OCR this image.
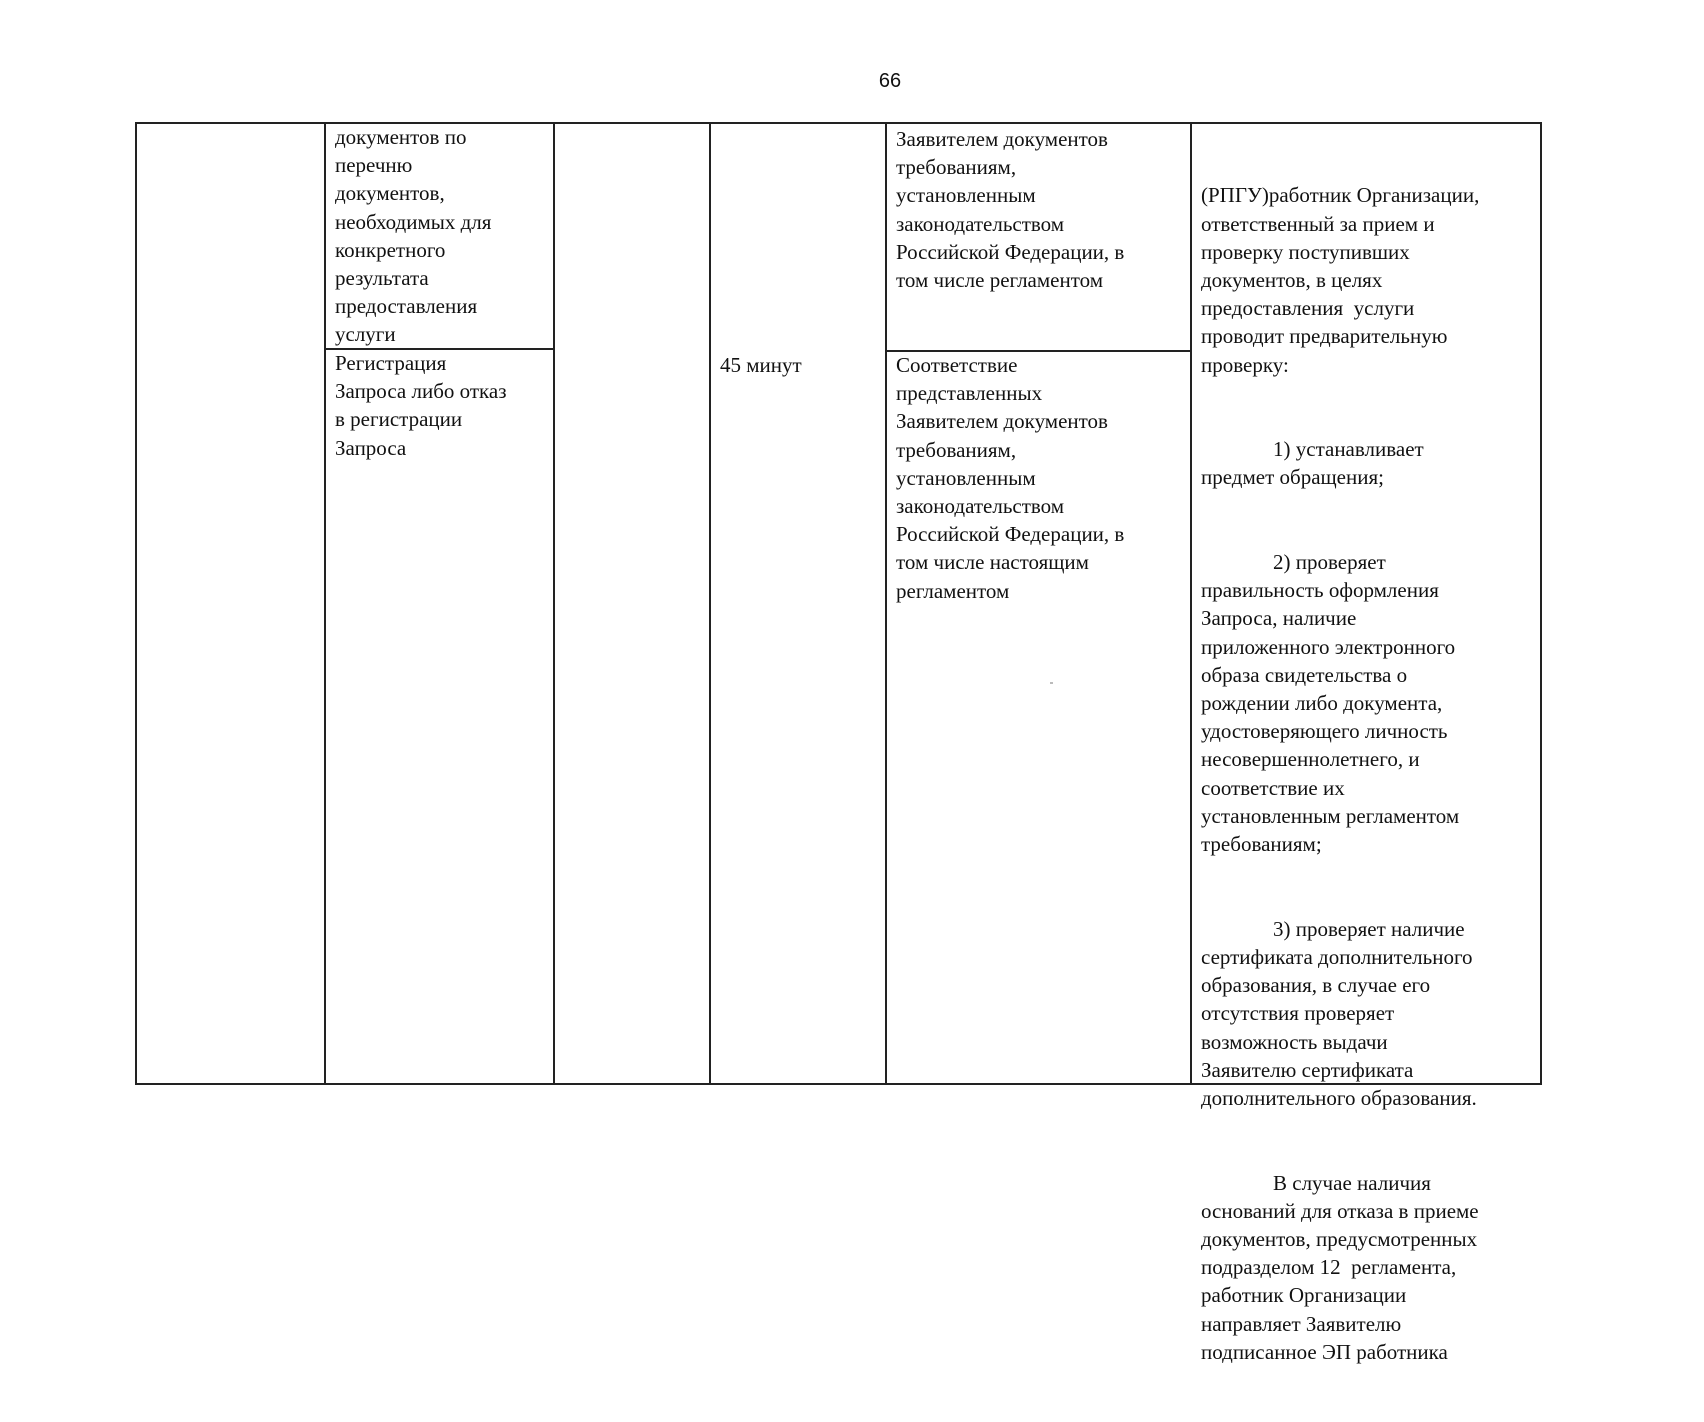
66

документов по
перечню
документов,
необходимых для
конкретного
результата
предоставления
услуги

Заявителем документов
требованиям,
установленным
законодательством
Российской Федерации, в
том числе регламентом

Регистрация
Запроса либо отказ
в регистрации
Запроса

45 минут	Соответствие
представленных
Заявителем документов
требованиям,
установленным
законодательством
Российской Федерации, в
том числе настоящим
регламентом

(РПГУ)работник Организации,
ответственный за прием и
проверку поступивших
документов, в целях
предоставления  услуги
проводит предварительную
проверку:

1) устанавливает
предмет обращения;

2) проверяет
правильность оформления
Запроса, наличие
приложенного электронного
образа свидетельства о
рождении либо документа,
удостоверяющего личность
несовершеннолетнего, и
соответствие их
установленным регламентом
требованиям;

3) проверяет наличие
сертификата дополнительного
образования, в случае его
отсутствия проверяет
возможность выдачи
Заявителю сертификата
дополнительного образования.

В случае наличия
оснований для отказа в приеме
документов, предусмотренных
подразделом 12  регламента,
работник Организации
направляет Заявителю
подписанное ЭП работника
